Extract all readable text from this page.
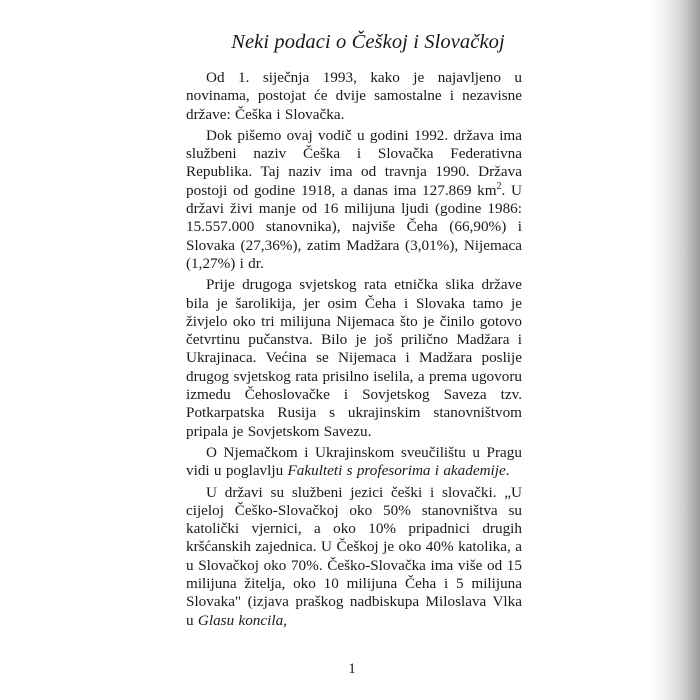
Neki podaci o Češkoj i Slovačkoj

Od 1. siječnja 1993, kako je najavljeno u novinama, postojat će dvije samostalne i nezavisne države: Češka i Slovačka.

Dok pišemo ovaj vodič u godini 1992. država ima službeni naziv Češka i Slovačka Federativna Republika. Taj naziv ima od travnja 1990. Država postoji od godine 1918, a danas ima 127.869 $km^2$. U državi živi manje od 16 milijuna ljudi (godine 1986: 15.557.000 stanovnika), najviše Čeha (66,90%) i Slovaka (27,36%), zatim Madžara (3,01%), Nijemaca (1,27%) i dr.

Prije drugoga svjetskog rata etnička slika države bila je šarolikija, jer osim Čeha i Slovaka tamo je živjelo oko tri milijuna Nijemaca što je činilo gotovo četvrtinu pučanstva. Bilo je još prilično Madžara i Ukrajinaca. Većina se Nijemaca i Madžara poslije drugog svjetskog rata prisilno iselila, a prema ugovoru izmedu Čehoslovačke i Sovjetskog Saveza tzv. Potkarpatska Rusija s ukrajinskim stanovništvom pripala je Sovjetskom Savezu.

O Njemačkom i Ukrajinskom sveučilištu u Pragu vidi u poglavlju Fakulteti s profesorima i akademije.

U državi su službeni jezici češki i slovački. „U cijeloj Češko-Slovačkoj oko 50% stanovništva su katolički vjernici, a oko 10% pripadnici drugih kršćanskih zajednica. U Češkoj je oko 40% katolika, a u Slovačkoj oko 70%. Češko-Slovačka ima više od 15 milijuna žitelja, oko 10 milijuna Čeha i 5 milijuna Slovaka" (izjava praškog nadbiskupa Miloslava Vlka u Glasu koncila,

1
